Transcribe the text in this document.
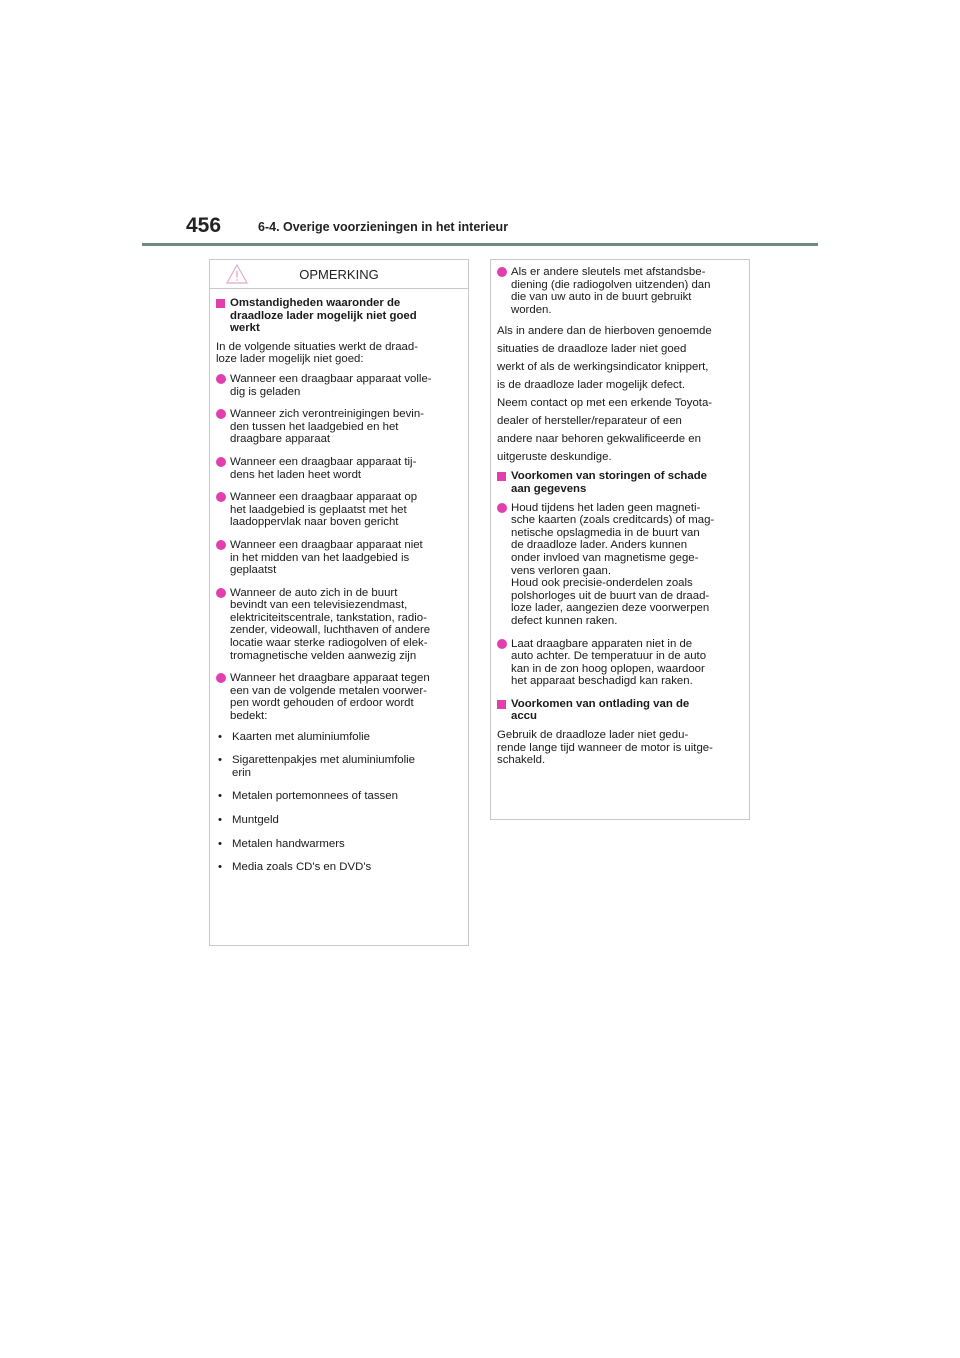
456	6-4. Overige voorzieningen in het interieur
OPMERKING
Omstandigheden waaronder de
draadloze lader mogelijk niet goed
werkt
In de volgende situaties werkt de draad-
loze lader mogelijk niet goed:
Wanneer een draagbaar apparaat volle-
dig is geladen
Wanneer zich verontreinigingen bevin-
den tussen het laadgebied en het
draagbare apparaat
Wanneer een draagbaar apparaat tij-
dens het laden heet wordt
Wanneer een draagbaar apparaat op
het laadgebied is geplaatst met het
laadoppervlak naar boven gericht
Wanneer een draagbaar apparaat niet
in het midden van het laadgebied is
geplaatst
Wanneer de auto zich in de buurt
bevindt van een televisiezendmast,
elektriciteitscentrale, tankstation, radio-
zender, videowall, luchthaven of andere
locatie waar sterke radiogolven of elek-
tromagnetische velden aanwezig zijn
Wanneer het draagbare apparaat tegen
een van de volgende metalen voorwer-
pen wordt gehouden of erdoor wordt
bedekt:
• Kaarten met aluminiumfolie
• Sigarettenpakjes met aluminiumfolie
erin
• Metalen portemonnees of tassen
• Muntgeld
• Metalen handwarmers
• Media zoals CD's en DVD's
Als er andere sleutels met afstandsbe-
diening (die radiogolven uitzenden) dan
die van uw auto in de buurt gebruikt
worden.
Als in andere dan de hierboven genoemde
situaties de draadloze lader niet goed
werkt of als de werkingsindicator knippert,
is de draadloze lader mogelijk defect.
Neem contact op met een erkende Toyota-
dealer of hersteller/reparateur of een
andere naar behoren gekwalificeerde en
uitgeruste deskundige.
Voorkomen van storingen of schade
aan gegevens
Houd tijdens het laden geen magneti-
sche kaarten (zoals creditcards) of mag-
netische opslagmedia in de buurt van
de draadloze lader. Anders kunnen
onder invloed van magnetisme gege-
vens verloren gaan.
Houd ook precisie-onderdelen zoals
polshorloges uit de buurt van de draad-
loze lader, aangezien deze voorwerpen
defect kunnen raken.
Laat draagbare apparaten niet in de
auto achter. De temperatuur in de auto
kan in de zon hoog oplopen, waardoor
het apparaat beschadigd kan raken.
Voorkomen van ontlading van de
accu
Gebruik de draadloze lader niet gedu-
rende lange tijd wanneer de motor is uitge-
schakeld.
